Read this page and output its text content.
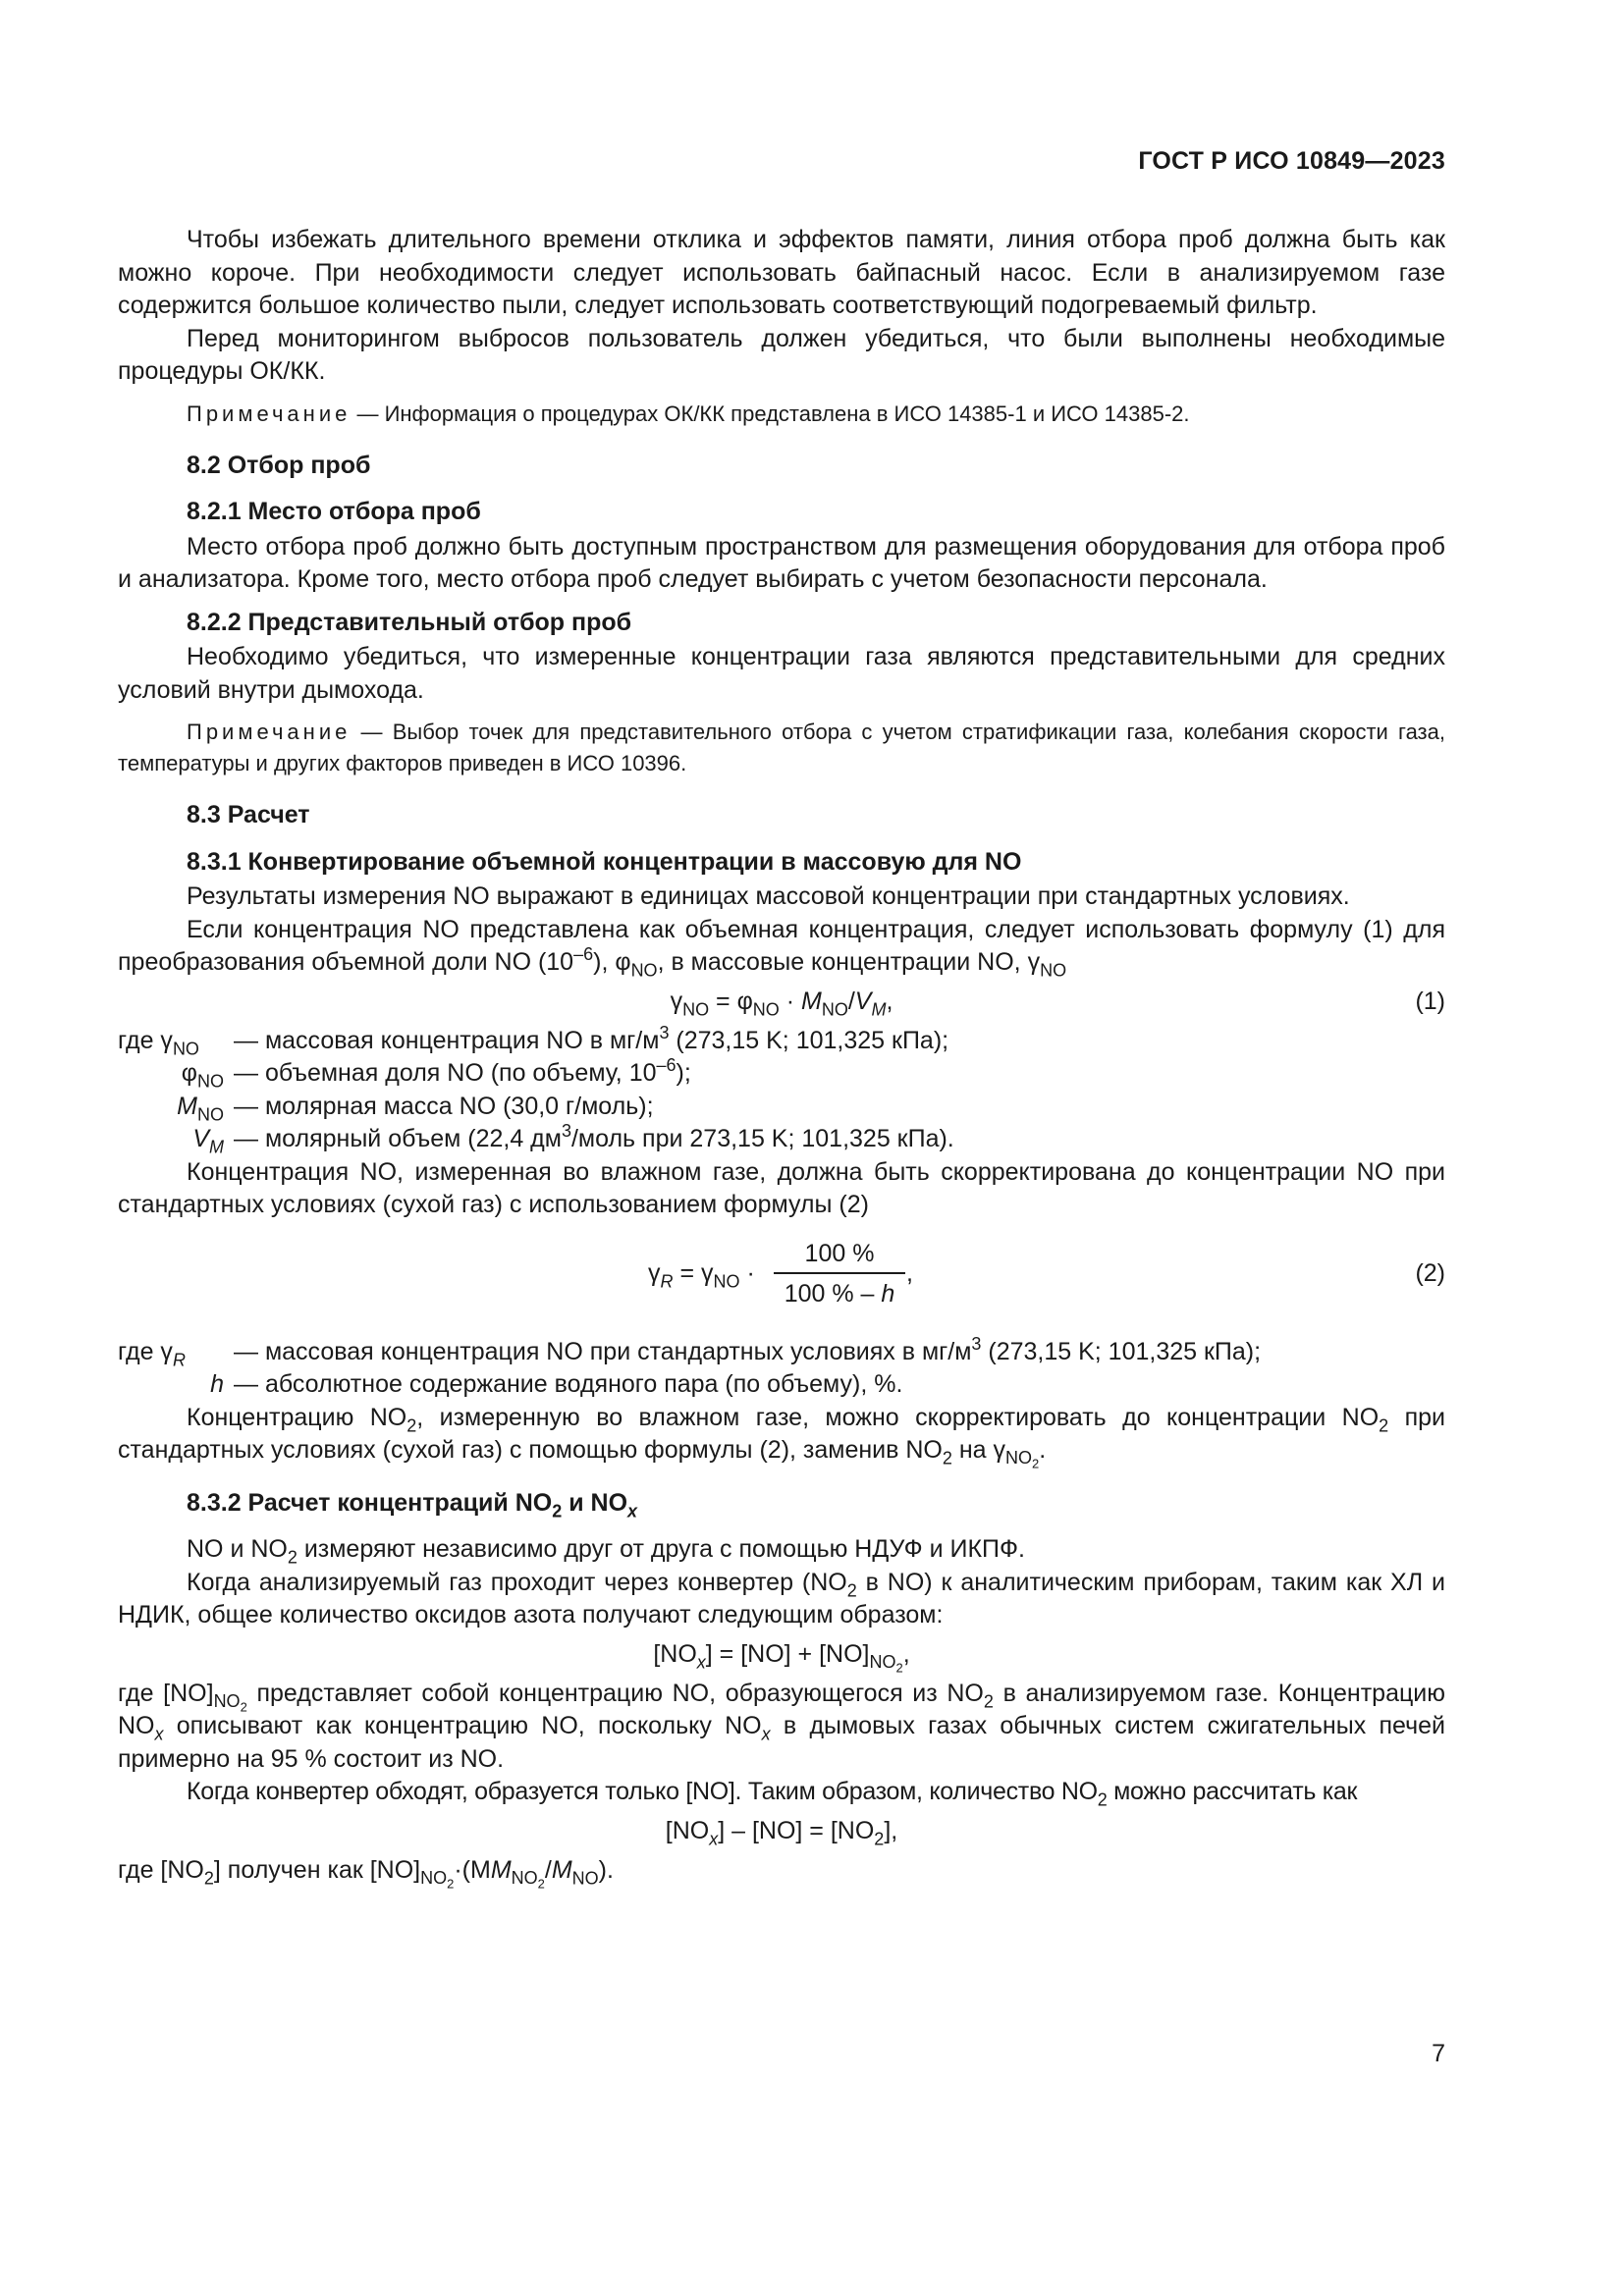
ГОСТ Р ИСО 10849—2023

Чтобы избежать длительного времени отклика и эффектов памяти, линия отбора проб должна быть как можно короче. При необходимости следует использовать байпасный насос. Если в анализируемом газе содержится большое количество пыли, следует использовать соответствующий подогреваемый фильтр.

Перед мониторингом выбросов пользователь должен убедиться, что были выполнены необходимые процедуры ОК/КК.

Примечание — Информация о процедурах ОК/КК представлена в ИСО 14385-1 и ИСО 14385-2.

8.2 Отбор проб

8.2.1 Место отбора проб

Место отбора проб должно быть доступным пространством для размещения оборудования для отбора проб и анализатора. Кроме того, место отбора проб следует выбирать с учетом безопасности персонала.

8.2.2 Представительный отбор проб

Необходимо убедиться, что измеренные концентрации газа являются представительными для средних условий внутри дымохода.

Примечание — Выбор точек для представительного отбора с учетом стратификации газа, колебания скорости газа, температуры и других факторов приведен в ИСО 10396.

8.3 Расчет

8.3.1 Конвертирование объемной концентрации в массовую для NO

Результаты измерения NO выражают в единицах массовой концентрации при стандартных условиях.

Если концентрация NO представлена как объемная концентрация, следует использовать формулу (1) для преобразования объемной доли NO $(10^{-6})$, $\varphi_{NO}$, в массовые концентрации NO, $\gamma_{NO}$

$\gamma_{NO} = \varphi_{NO} \cdot M_{NO}/V_M$,	(1)
где $\gamma_{NO}$	— массовая концентрация NO в $мг/м^3$ (273,15 K; 101,325 кПа);
$\varphi_{NO}$ — объемная доля NO (по объему, $10^{-6}$);
$M_{NO}$ — молярная масса NO (30,0 г/моль);
$V_M$ — молярный объем (22,4 $дм^3$/моль при 273,15 K; 101,325 кПа).

Концентрация NO, измеренная во влажном газе, должна быть скорректирована до концентрации NO при стандартных условиях (сухой газ) с использованием формулы (2)

$\gamma_R = \gamma_{NO}$ ·
100 %
100 % – h
,	(2)
где $\gamma_R$	— массовая концентрация NO при стандартных условиях в $мг/м^3$ (273,15 K; 101,325 кПа);
h — абсолютное содержание водяного пара (по объему), %.

Концентрацию $NO_2$, измеренную во влажном газе, можно скорректировать до концентрации $NO_2$ при стандартных условиях (сухой газ) с помощью формулы (2), заменив $NO_2$ на $\gamma_{NO_2}$.

8.3.2 Расчет концентраций $NO_2$ и $NO_x$

NO и $NO_2$ измеряют независимо друг от друга с помощью НДУФ и ИКПФ.

Когда анализируемый газ проходит через конвертер ($NO_2$ в NO) к аналитическим приборам, таким как ХЛ и НДИК, общее количество оксидов азота получают следующим образом:

$[NO_x] = [NO] + [NO]_{NO_2}$,

где $[NO]_{NO_2}$ представляет собой концентрацию NO, образующегося из $NO_2$ в анализируемом газе. Концентрацию $NO_x$ описывают как концентрацию NO, поскольку $NO_x$ в дымовых газах обычных систем сжигательных печей примерно на 95 % состоит из NO.

Когда конвертер обходят, образуется только [NO]. Таким образом, количество $NO_2$ можно рассчитать как

$[NO_x] - [NO] = [NO_2]$,

где $[NO_2]$ получен как $[NO]_{NO_2}\cdot(MM_{NO_2}/M_{NO})$.

7
